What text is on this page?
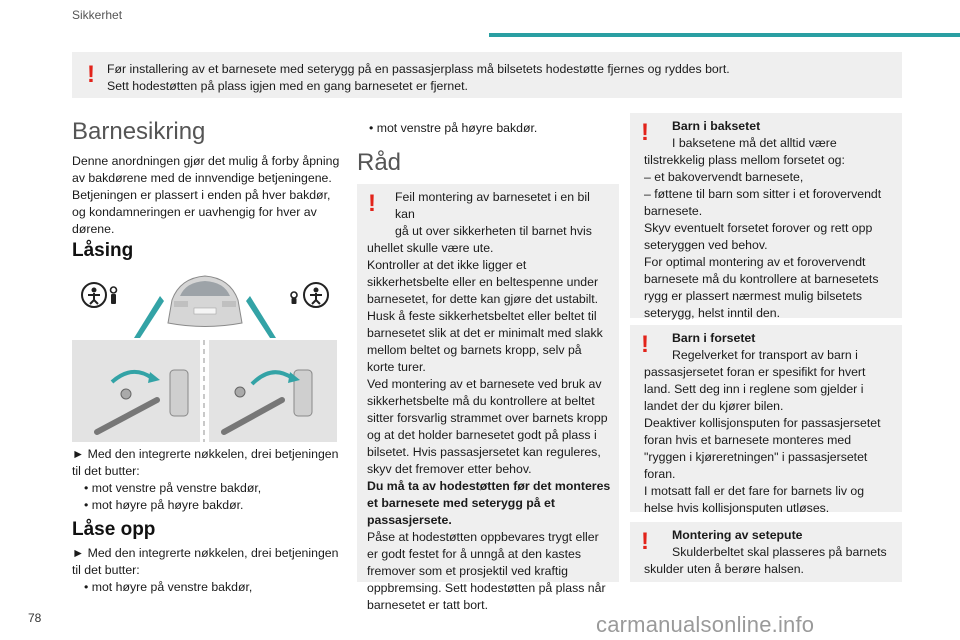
Sikkerhet
! Før installering av et barnesete med seterygg på en passasjerplass må bilsetets hodestøtte fjernes og ryddes bort.
Sett hodestøtten på plass igjen med en gang barnesetet er fjernet.
Barnesikring
Denne anordningen gjør det mulig å forby åpning av bakdørene med de innvendige betjeningene. Betjeningen er plassert i enden på hver bakdør, og kondamneringen er uavhengig for hver av dørene.
Låsing
► Med den integrerte nøkkelen, drei betjeningen til det butter:
• mot venstre på venstre bakdør,
• mot høyre på høyre bakdør.
Låse opp
► Med den integrerte nøkkelen, drei betjeningen til det butter:
• mot høyre på venstre bakdør,
• mot venstre på høyre bakdør.
Råd
!	Feil montering av barnesetet i en bil kan
gå ut over sikkerheten til barnet hvis
uhellet skulle være ute.
Kontroller at det ikke ligger et sikkerhetsbelte eller en beltespenne under barnesetet, for dette kan gjøre det ustabilt.
Husk å feste sikkerhetsbeltet eller beltet til barnesetet slik at det er minimalt med slakk mellom beltet og barnets kropp, selv på korte turer.
Ved montering av et barnesete ved bruk av sikkerhetsbelte må du kontrollere at beltet sitter forsvarlig strammet over barnets kropp og at det holder barnesetet godt på plass i bilsetet. Hvis passasjersetet kan reguleres, skyv det fremover etter behov.
Du må ta av hodestøtten før det monteres et barnesete med seterygg på et passasjersete.
Påse at hodestøtten oppbevares trygt eller er godt festet for å unngå at den kastes fremover som et prosjektil ved kraftig oppbremsing. Sett hodestøtten på plass når barnesetet er tatt bort.
!	Barn i baksetet
I baksetene må det alltid være
tilstrekkelig plass mellom forsetet og:
– et bakovervendt barnesete,
– føttene til barn som sitter i et forovervendt barnesete.
Skyv eventuelt forsetet forover og rett opp seteryggen ved behov.
For optimal montering av et forovervendt barnesete må du kontrollere at barnesetets rygg er plassert nærmest mulig bilsetets seterygg, helst inntil den.
!	Barn i forsetet
Regelverket for transport av barn i
passasjersetet foran er spesifikt for hvert land. Sett deg inn i reglene som gjelder i landet der du kjører bilen.
Deaktiver kollisjonsputen for passasjersetet foran hvis et barnesete monteres med "ryggen i kjøreretningen" i passasjersetet foran.
I motsatt fall er det fare for barnets liv og helse hvis kollisjonsputen utløses.
!	Montering av setepute
Skulderbeltet skal plasseres på barnets
skulder uten å berøre halsen.
78	carmanualsonline.info
